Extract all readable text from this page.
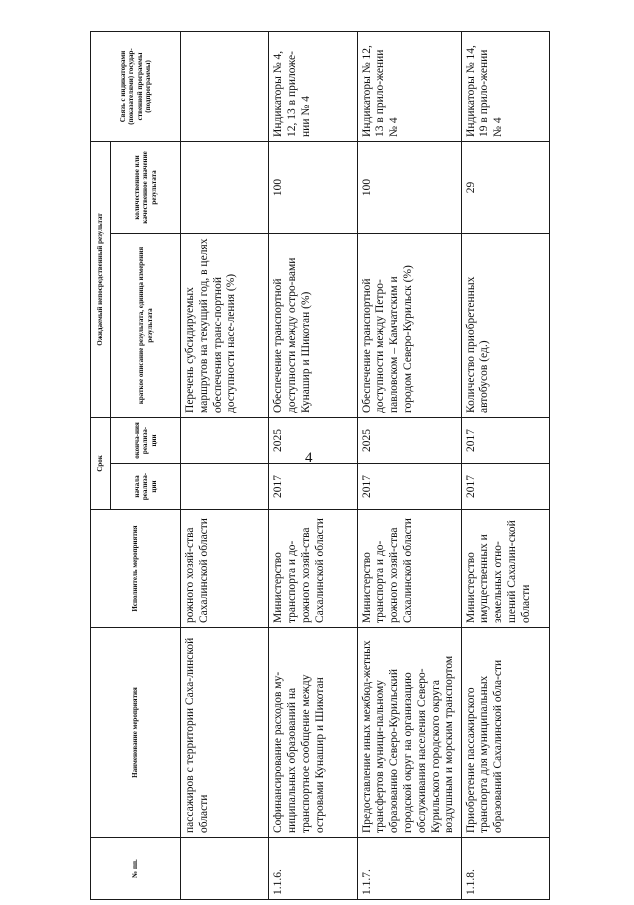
4
№ пп.	Наименование мероприятия	Исполнитель мероприятия	Срок		Ожидаемый непосредственный результат		Связь с индикаторами (показателями) государ-ственной программы (подпрограммы)
			начала реализа-ции	оконча-ния реализа-ции	краткое описание результата, единица измерения результата	количественное или качественное значение результата	
	пассажиров с территории Саха-линской области	рожного хозяй-ства Сахалинской области			Перечень субсидируемых маршрутов на текущий год, в целях обеспечения транс-портной доступности насе-ления (%)		
1.1.6.	Софинансирование расходов му-ниципальных образований на транспортное сообщение между островами Кунашир и Шикотан	Министерство транспорта и до-рожного хозяй-ства Сахалинской области	2017	2025	Обеспечение транспортной доступности между остро-вами Кунашир и Шикотан (%)	100	Индикаторы № 4, 12, 13 в приложе-нии № 4
1.1.7.	Предоставление иных межбюд-жетных трансфертов муници-пальному образованию Северо-Курильский городской округ на организацию обслуживания населения Северо-Курильского городского округа воздушным и морским транспортом	Министерство транспорта и до-рожного хозяй-ства Сахалинской области	2017	2025	Обеспечение транспортной доступности между Петро-павловском – Камчатским и городом Северо-Курильск (%)	100	Индикаторы № 12, 13 в прило-жении № 4
1.1.8.	Приобретение пассажирского транспорта для муниципальных образований Сахалинской обла-сти	Министерство имущественных и земельных отно-шений Сахалин-ской области	2017	2017	Количество приобретенных автобусов (ед.)	29	Индикаторы № 14, 19 в прило-жении № 4
